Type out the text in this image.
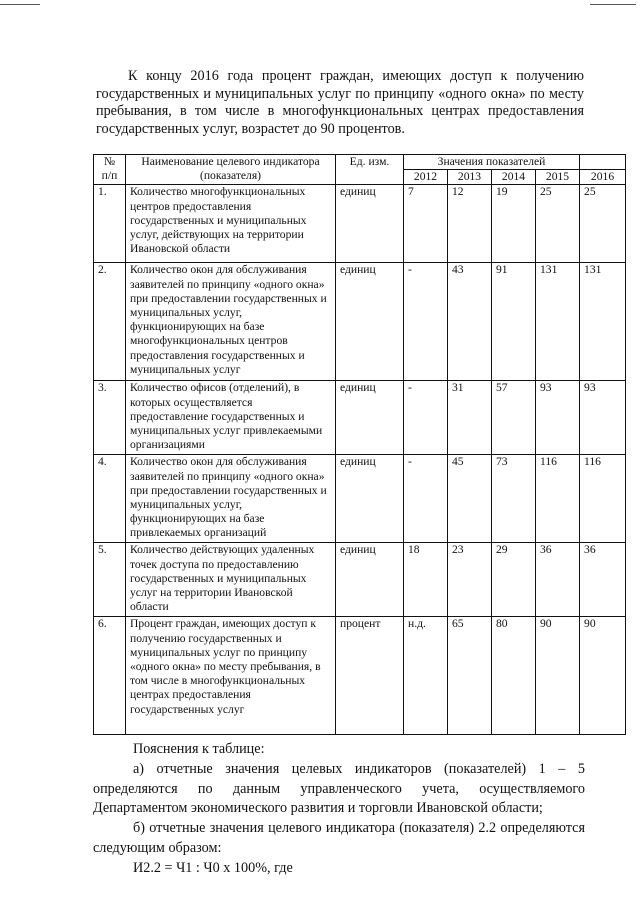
К концу 2016 года процент граждан, имеющих доступ к получению государственных и муниципальных услуг по принципу «одного окна» по месту пребывания, в том числе в многофункциональных центрах предоставления государственных услуг, возрастет до 90 процентов.

№ п/п	Наименование целевого индикатора (показателя)	Ед. изм.	Значения показателей				
			2012	2013	2014	2015	2016
1.	Количество многофункциональных центров предоставления государственных и муниципальных услуг, действующих на территории Ивановской области	единиц	7	12	19	25	25
2.	Количество окон для обслуживания заявителей по принципу «одного окна» при предоставлении государственных и муниципальных услуг, функционирующих на базе многофункциональных центров предоставления государственных и муниципальных услуг	единиц	-	43	91	131	131
3.	Количество офисов (отделений), в которых осуществляется предоставление государственных и муниципальных услуг привлекаемыми организациями	единиц	-	31	57	93	93
4.	Количество окон для обслуживания заявителей по принципу «одного окна» при предоставлении государственных и муниципальных услуг, функционирующих на базе привлекаемых организаций	единиц	-	45	73	116	116
5.	Количество действующих удаленных точек доступа по предоставлению государственных и муниципальных услуг на территории Ивановской области	единиц	18	23	29	36	36
6.	Процент граждан, имеющих доступ к получению государственных и муниципальных услуг по принципу «одного окна» по месту пребывания, в том числе в многофункциональных центрах предоставления государственных услуг	процент	н.д.	65	80	90	90

Пояснения к таблице:

а) отчетные значения целевых индикаторов (показателей) 1 – 5 определяются по данным управленческого учета, осуществляемого Департаментом экономического развития и торговли Ивановской области;

б) отчетные значения целевого индикатора (показателя) 2.2 определяются следующим образом:

И2.2 = Ч1 : Ч0 х 100%, где
